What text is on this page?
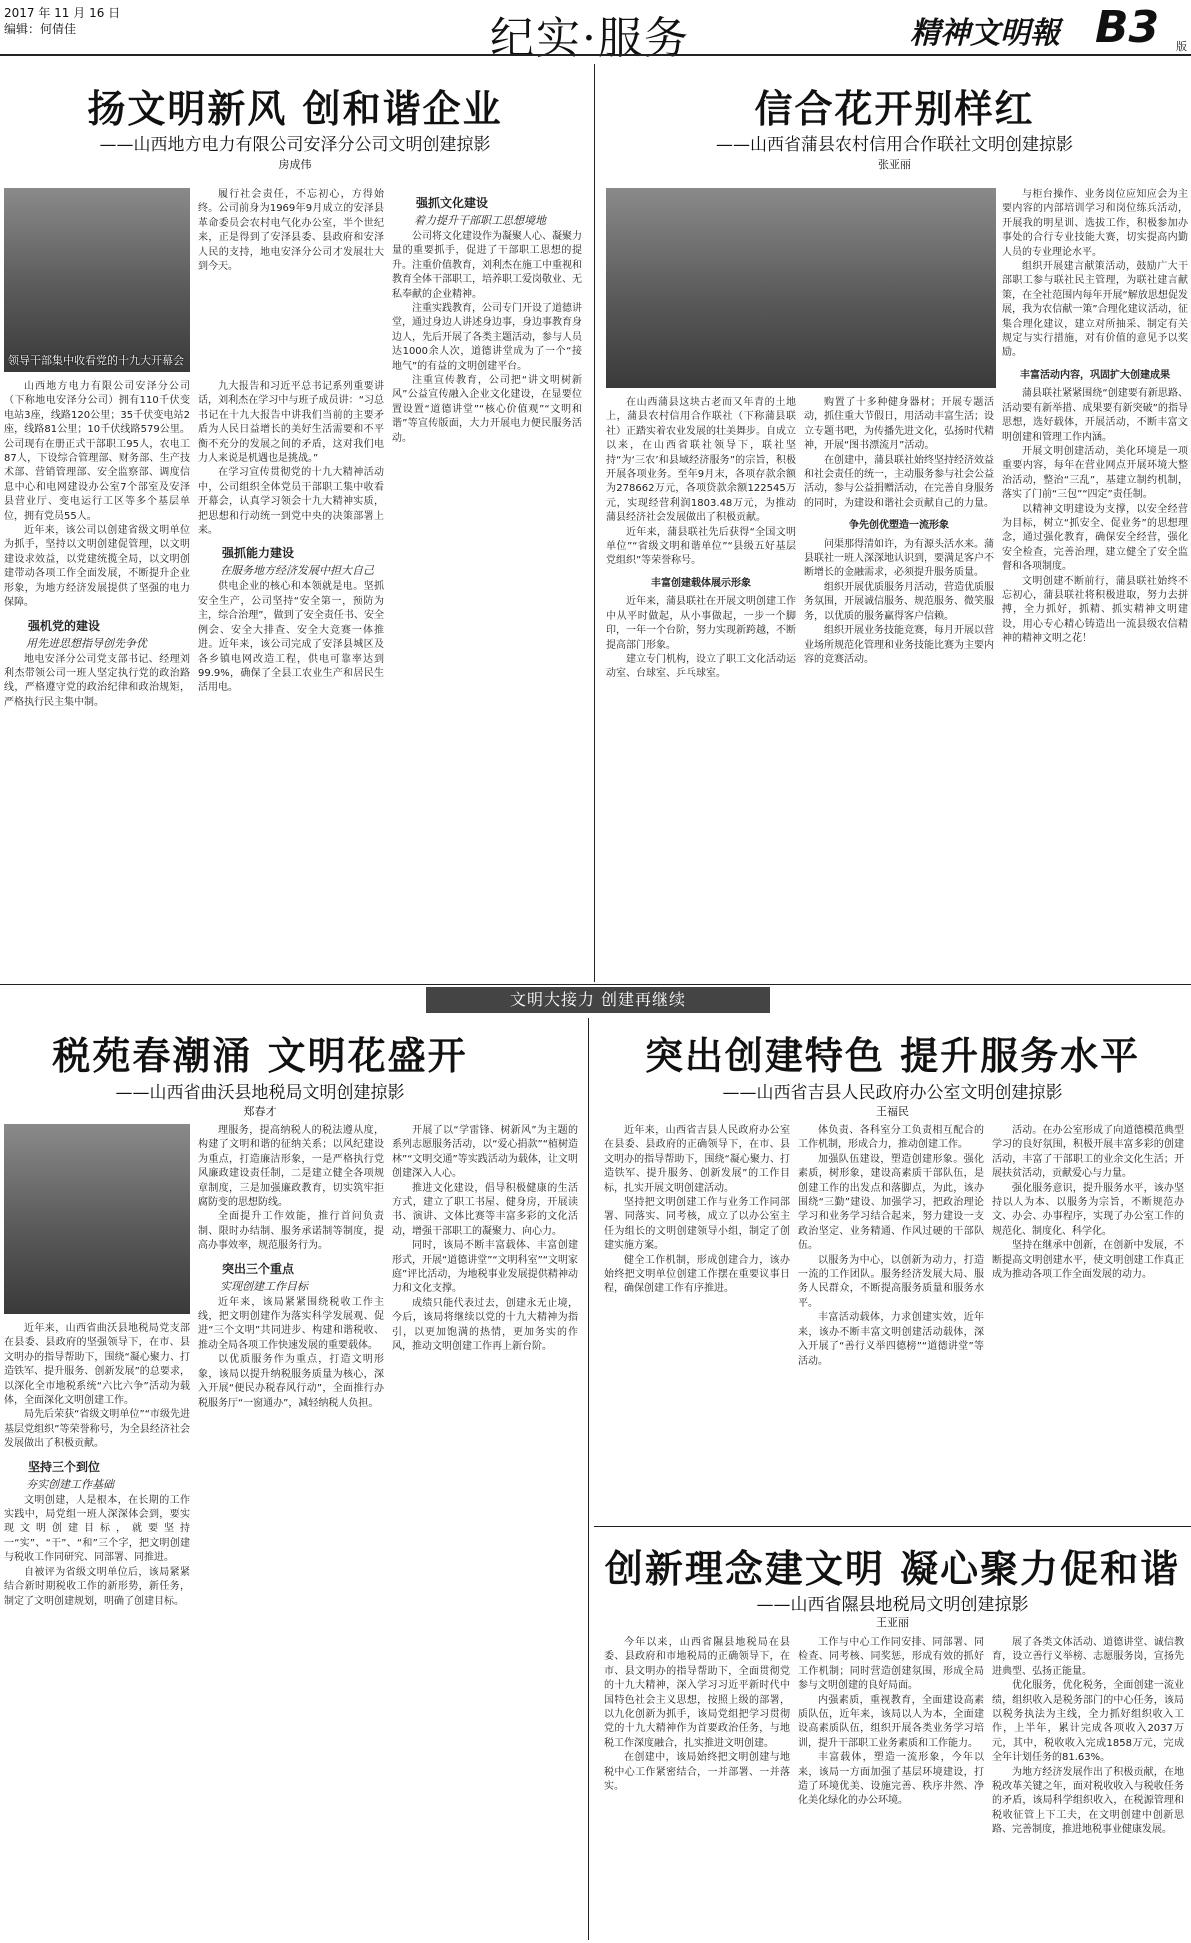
2017 年 11 月 16 日
编辑：何倩佳	纪实·服务	精神文明報 B3 版
扬文明新风 创和谐企业
——山西地方电力有限公司安泽分公司文明创建掠影
房成伟
领导干部集中收看党的十九大开幕会

山西地方电力有限公司安泽分公司（下称地电安泽分公司）拥有110千伏变电站3座，线路120公里；35千伏变电站2座，线路81公里；10千伏线路579公里。公司现有在册正式干部职工95人，农电工87人，下设综合管理部、财务部、生产技术部、营销管理部、安全监察部、调度信息中心和电网建设办公室7个部室及安泽县营业厅、变电运行工区等多个基层单位，拥有党员55人。

近年来，该公司以创建省级文明单位为抓手，坚持以文明创建促管理，以文明建设求效益，以党建统揽全局，以文明创建带动各项工作全面发展，不断提升企业形象，为地方经济发展提供了坚强的电力保障。

强机党的建设

用先进思想指导创先争优

地电安泽分公司党支部书记、经理刘利杰带领公司一班人坚定执行党的政治路线，严格遵守党的政治纪律和政治规矩，严格执行民主集中制。

九大报告和习近平总书记系列重要讲话，刘利杰在学习中与班子成员讲：“习总书记在十九大报告中讲我们当前的主要矛盾为人民日益增长的美好生活需要和不平衡不充分的发展之间的矛盾，这对我们电力人来说是机遇也是挑战。”

在学习宣传贯彻党的十九大精神活动中，公司组织全体党员干部职工集中收看开幕会，认真学习领会十九大精神实质，把思想和行动统一到党中央的决策部署上来。

强抓能力建设

在服务地方经济发展中担大自己

供电企业的核心和本领就是电。坚抓安全生产，公司坚持“安全第一，预防为主，综合治理”，做到了安全责任书、安全例会、安全大排查、安全大竞赛一体推进。近年来，该公司完成了安泽县城区及各乡镇电网改造工程，供电可靠率达到99.9%，确保了全县工农业生产和居民生活用电。

履行社会责任，不忘初心，方得始终。公司前身为1969年9月成立的安泽县革命委员会农村电气化办公室，半个世纪来，正是得到了安泽县委、县政府和安泽人民的支持，地电安泽分公司才发展壮大到今天。

强抓文化建设

着力提升干部职工思想境地

公司将文化建设作为凝聚人心、凝聚力量的重要抓手，促进了干部职工思想的提升。注重价值教育，刘利杰在施工中重视和教育全体干部职工，培养职工爱岗敬业、无私奉献的企业精神。

注重实践教育，公司专门开设了道德讲堂，通过身边人讲述身边事，身边事教育身边人，先后开展了各类主题活动，参与人员达1000余人次，道德讲堂成为了一个“接地气”的有益的文明创建平台。

注重宣传教育，公司把“讲文明树新风”公益宣传融入企业文化建设，在显要位置设置“道德讲堂”“核心价值观”“文明和谐”等宣传版面，大力开展电力便民服务活动。

信合花开别样红
——山西省蒲县农村信用合作联社文明创建掠影
张亚丽

与柜台操作、业务岗位应知应会为主要内容的内部培训学习和岗位练兵活动，开展我的明星训、选拔工作，积极参加办事处的合行专业技能大赛，切实提高内勤人员的专业理论水平。

组织开展建言献策活动，鼓励广大干部职工参与联社民主管理，为联社建言献策，在全社范围内每年开展“解放思想促发展，我为农信献一策”合理化建议活动，征集合理化建议，建立对所抽采、制定有关规定与实行措施，对有价值的意见予以奖励。

丰富活动内容，巩固扩大创建成果

蒲县联社紧紧围绕“创建要有新思路、活动要有新举措、成果要有新突破”的指导思想，选好载体，开展活动，不断丰富文明创建和管理工作内涵。

开展文明创建活动，美化环境是一项重要内容，每年在营业网点开展环境大整治活动，整治“三乱”，基建立制约机制，落实了门前“三包”“四定”责任制。

以精神文明建设为支撑，以安全经营为目标，树立“抓安全、促业务”的思想理念，通过强化教育，确保安全经营，强化安全检查，完善治理，建立健全了安全监督和各项制度。

文明创建不断前行，蒲县联社始终不忘初心，蒲县联社将积极进取，努力去拼搏，全力抓好，抓精、抓实精神文明建设，用心专心精心铸造出一流县级农信精神的精神文明之花！

在山西蒲县这块古老而又年青的土地上，蒲县农村信用合作联社（下称蒲县联社）正踏实着农业发展的壮美舞步。自成立以来，在山西省联社领导下，联社坚持“为‘三农’和县域经济服务”的宗旨，积极开展各项业务。至年9月末，各项存款余额为278662万元，各项贷款余额122545万元，实现经营利润1803.48万元，为推动蒲县经济社会发展做出了积极贡献。

近年来，蒲县联社先后获得“全国文明单位”“省级文明和谐单位”“县级五好基层党组织”等荣誉称号。

丰富创建载体展示形象

近年来，蒲县联社在开展文明创建工作中从平时做起，从小事做起，一步一个脚印，一年一个台阶，努力实现新跨越，不断提高部门形象。

建立专门机构，设立了职工文化活动运动室、台球室、乒乓球室。

购置了十多种健身器材；开展专题活动，抓住重大节假日，用活动丰富生活；设立专题书吧，为传播先进文化，弘扬时代精神，开展“图书漂流月”活动。

在创建中，蒲县联社始终坚持经济效益和社会责任的统一，主动服务参与社会公益活动，参与公益捐赠活动，在完善自身服务的同时，为建设和谐社会贡献自己的力量。

争先创优塑造一流形象

问渠那得清如许，为有源头活水来。蒲县联社一班人深深地认识到，要满足客户不断增长的金融需求，必须提升服务质量。

组织开展优质服务月活动，营造优质服务氛围，开展诚信服务、规范服务、微笑服务，以优质的服务赢得客户信赖。

组织开展业务技能竞赛，每月开展以营业场所规范化管理和业务技能比赛为主要内容的竞赛活动。

文明大接力 创建再继续
税苑春潮涌 文明花盛开
——山西省曲沃县地税局文明创建掠影
郑春才

近年来，山西省曲沃县地税局党支部在县委、县政府的坚强领导下，在市、县文明办的指导帮助下，围绕“凝心聚力、打造铁军、提升服务、创新发展”的总要求，以深化全市地税系统“六比六争”活动为载体，全面深化文明创建工作。

局先后荣获“省级文明单位”“市级先进基层党组织”等荣誉称号，为全县经济社会发展做出了积极贡献。

坚持三个到位

夯实创建工作基础

文明创建，人是根本，在长期的工作实践中，局党组一班人深深体会到，要实现文明创建目标，就要坚持一“实”、“干”、“和”三个字，把文明创建与税收工作同研究、同部署、同推进。

自被评为省级文明单位后，该局紧紧结合新时期税收工作的新形势，新任务，制定了文明创建规划，明确了创建目标。

理服务，提高纳税人的税法遵从度，构建了文明和谐的征纳关系；以风纪建设为重点，打造廉洁形象，一是严格执行党风廉政建设责任制，二是建立健全各项规章制度，三是加强廉政教育，切实筑牢拒腐防变的思想防线。

全面提升工作效能，推行首问负责制、限时办结制、服务承诺制等制度，提高办事效率，规范服务行为。

突出三个重点

实现创建工作目标

近年来，该局紧紧围绕税收工作主线，把文明创建作为落实科学发展观、促进“三个文明”共同进步、构建和谐税收、推动全局各项工作快速发展的重要载体。

以优质服务作为重点，打造文明形象，该局以提升纳税服务质量为核心，深入开展“便民办税春风行动”，全面推行办税服务厅“一窗通办”，减轻纳税人负担。

开展了以“学雷锋、树新风”为主题的系列志愿服务活动，以“爱心捐款”“植树造林”“文明交通”等实践活动为载体，让文明创建深入人心。

推进文化建设，倡导积极健康的生活方式，建立了职工书屋、健身房，开展读书、演讲、文体比赛等丰富多彩的文化活动，增强干部职工的凝聚力、向心力。

同时，该局不断丰富载体、丰富创建形式，开展“道德讲堂”“文明科室”“文明家庭”评比活动，为地税事业发展提供精神动力和文化支撑。

成绩只能代表过去，创建永无止境，今后，该局将继续以党的十九大精神为指引，以更加饱满的热情，更加务实的作风，推动文明创建工作再上新台阶。

突出创建特色 提升服务水平
——山西省吉县人民政府办公室文明创建掠影
王福民

近年来，山西省吉县人民政府办公室在县委、县政府的正确领导下，在市、县文明办的指导帮助下，围绕“凝心聚力、打造铁军、提升服务、创新发展”的工作目标，扎实开展文明创建活动。

坚持把文明创建工作与业务工作同部署、同落实、同考核，成立了以办公室主任为组长的文明创建领导小组，制定了创建实施方案。

健全工作机制，形成创建合力，该办始终把文明单位创建工作摆在重要议事日程，确保创建工作有序推进。

体负责、各科室分工负责相互配合的工作机制，形成合力，推动创建工作。

加强队伍建设，塑造创建形象。强化素质，树形象，建设高素质干部队伍，是创建工作的出发点和落脚点，为此，该办围绕“三勤”建设、加强学习，把政治理论学习和业务学习结合起来，努力建设一支政治坚定、业务精通、作风过硬的干部队伍。

以服务为中心，以创新为动力，打造一流的工作团队。服务经济发展大局、服务人民群众，不断提高服务质量和服务水平。

丰富活动载体，力求创建实效，近年来，该办不断丰富文明创建活动载体，深入开展了“善行义举四德榜”“道德讲堂”等活动。

活动。在办公室形成了向道德模范典型学习的良好氛围，积极开展丰富多彩的创建活动，丰富了干部职工的业余文化生活；开展扶贫活动，贡献爱心与力量。

强化服务意识，提升服务水平，该办坚持以人为本、以服务为宗旨，不断规范办文、办会、办事程序，实现了办公室工作的规范化、制度化、科学化。

坚持在继承中创新，在创新中发展，不断提高文明创建水平，使文明创建工作真正成为推动各项工作全面发展的动力。

创新理念建文明 凝心聚力促和谐
——山西省隰县地税局文明创建掠影
王亚丽

今年以来，山西省隰县地税局在县委、县政府和市地税局的正确领导下，在市、县文明办的指导帮助下，全面贯彻党的十九大精神，深入学习习近平新时代中国特色社会主义思想，按照上级的部署，以九化创新为抓手，该局党组把学习贯彻党的十九大精神作为首要政治任务，与地税工作深度融合，扎实推进文明创建。

在创建中，该局始终把文明创建与地税中心工作紧密结合，一并部署、一并落实。

工作与中心工作同安排、同部署、同检查、同考核、同奖惩，形成有效的抓好工作机制；同时营造创建氛围，形成全局参与文明创建的良好局面。

内强素质，重视教育，全面建设高素质队伍，近年来，该局以人为本，全面建设高素质队伍，组织开展各类业务学习培训，提升干部职工业务素质和工作能力。

丰富载体，塑造一流形象，今年以来，该局一方面加强了基层环境建设，打造了环境优美、设施完善、秩序井然、净化美化绿化的办公环境。

展了各类文体活动、道德讲堂、诚信教育，设立善行义举榜、志愿服务岗，宣扬先进典型、弘扬正能量。

优化服务，优化税务，全面创建一流业绩，组织收入是税务部门的中心任务，该局以税务执法为主线，全力抓好组织收入工作，上半年，累计完成各项收入2037万元，其中，税收收入完成1858万元，完成全年计划任务的81.63%。

为地方经济发展作出了积极贡献，在地税改革关键之年，面对税收收入与税收任务的矛盾，该局科学组织收入，在税源管理和税收征管上下工夫，在文明创建中创新思路、完善制度，推进地税事业健康发展。
